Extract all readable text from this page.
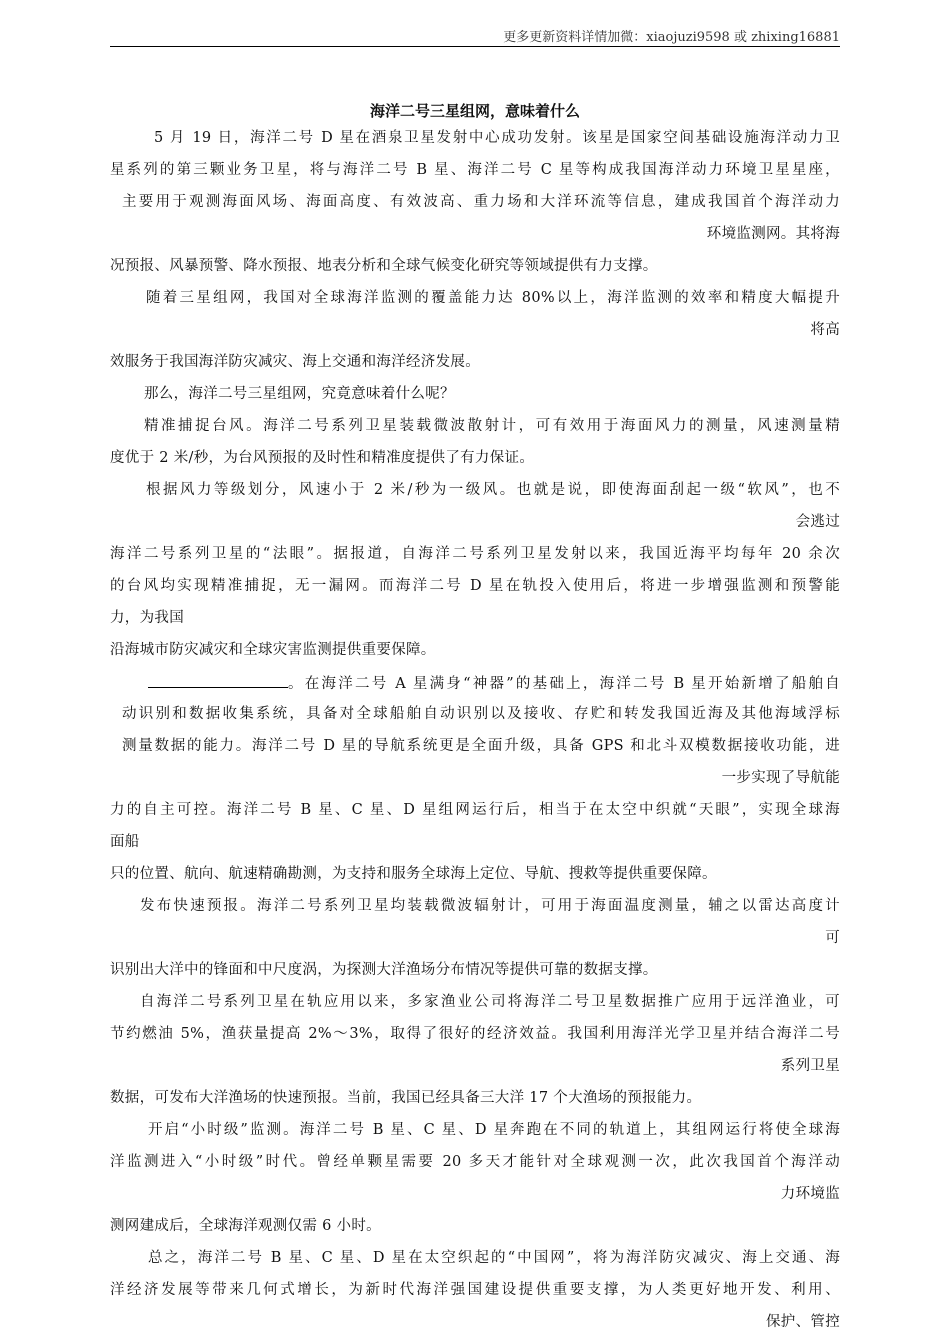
更多更新资料详情加微：xiaojuzi9598 或 zhixing16881
海洋二号三星组网，意味着什么
5 月 19 日，海洋二号 D 星在酒泉卫星发射中心成功发射。该星是国家空间基础设施海洋动力卫
星系列的第三颗业务卫星，将与海洋二号 B 星、海洋二号 C 星等构成我国海洋动力环境卫星星座，
主要用于观测海面风场、海面高度、有效波高、重力场和大洋环流等信息，建成我国首个海洋动力
环境监测网。其将海
况预报、风暴预警、降水预报、地表分析和全球气候变化研究等领域提供有力支撑。
随着三星组网，我国对全球海洋监测的覆盖能力达 80%以上，海洋监测的效率和精度大幅提升
将高
效服务于我国海洋防灾减灾、海上交通和海洋经济发展。
那么，海洋二号三星组网，究竟意味着什么呢？
精准捕捉台风。海洋二号系列卫星装载微波散射计，可有效用于海面风力的测量，风速测量精
度优于 2 米/秒，为台风预报的及时性和精准度提供了有力保证。
根据风力等级划分，风速小于 2 米/秒为一级风。也就是说，即使海面刮起一级“软风”，也不
会逃过
海洋二号系列卫星的“法眼”。据报道，自海洋二号系列卫星发射以来，我国近海平均每年 20 余次
的台风均实现精准捕捉，无一漏网。而海洋二号 D 星在轨投入使用后，将进一步增强监测和预警能
力，为我国
沿海城市防灾减灾和全球灾害监测提供重要保障。
。在海洋二号 A 星满身“神器”的基础上，海洋二号 B 星开始新增了船舶自
动识别和数据收集系统，具备对全球船舶自动识别以及接收、存贮和转发我国近海及其他海域浮标
测量数据的能力。海洋二号 D 星的导航系统更是全面升级，具备 GPS 和北斗双模数据接收功能，进
一步实现了导航能
力的自主可控。海洋二号 B 星、C 星、D 星组网运行后，相当于在太空中织就“天眼”，实现全球海
面船
只的位置、航向、航速精确勘测，为支持和服务全球海上定位、导航、搜救等提供重要保障。
发布快速预报。海洋二号系列卫星均装载微波辐射计，可用于海面温度测量，辅之以雷达高度计
可
识别出大洋中的锋面和中尺度涡，为探测大洋渔场分布情况等提供可靠的数据支撑。
自海洋二号系列卫星在轨应用以来，多家渔业公司将海洋二号卫星数据推广应用于远洋渔业，可
节约燃油 5%，渔获量提高 2%～3%，取得了很好的经济效益。我国利用海洋光学卫星并结合海洋二号
系列卫星
数据，可发布大洋渔场的快速预报。当前，我国已经具备三大洋 17 个大渔场的预报能力。
开启“小时级”监测。海洋二号 B 星、C 星、D 星奔跑在不同的轨道上，其组网运行将使全球海
洋监测进入“小时级”时代。曾经单颗星需要 20 多天才能针对全球观测一次，此次我国首个海洋动
力环境监
测网建成后，全球海洋观测仅需 6 小时。
总之，海洋二号 B 星、C 星、D 星在太空织起的“中国网”，将为海洋防灾减灾、海上交通、海
洋经济发展等带来几何式增长，为新时代海洋强国建设提供重要支撑，为人类更好地开发、利用、
保护、管控
